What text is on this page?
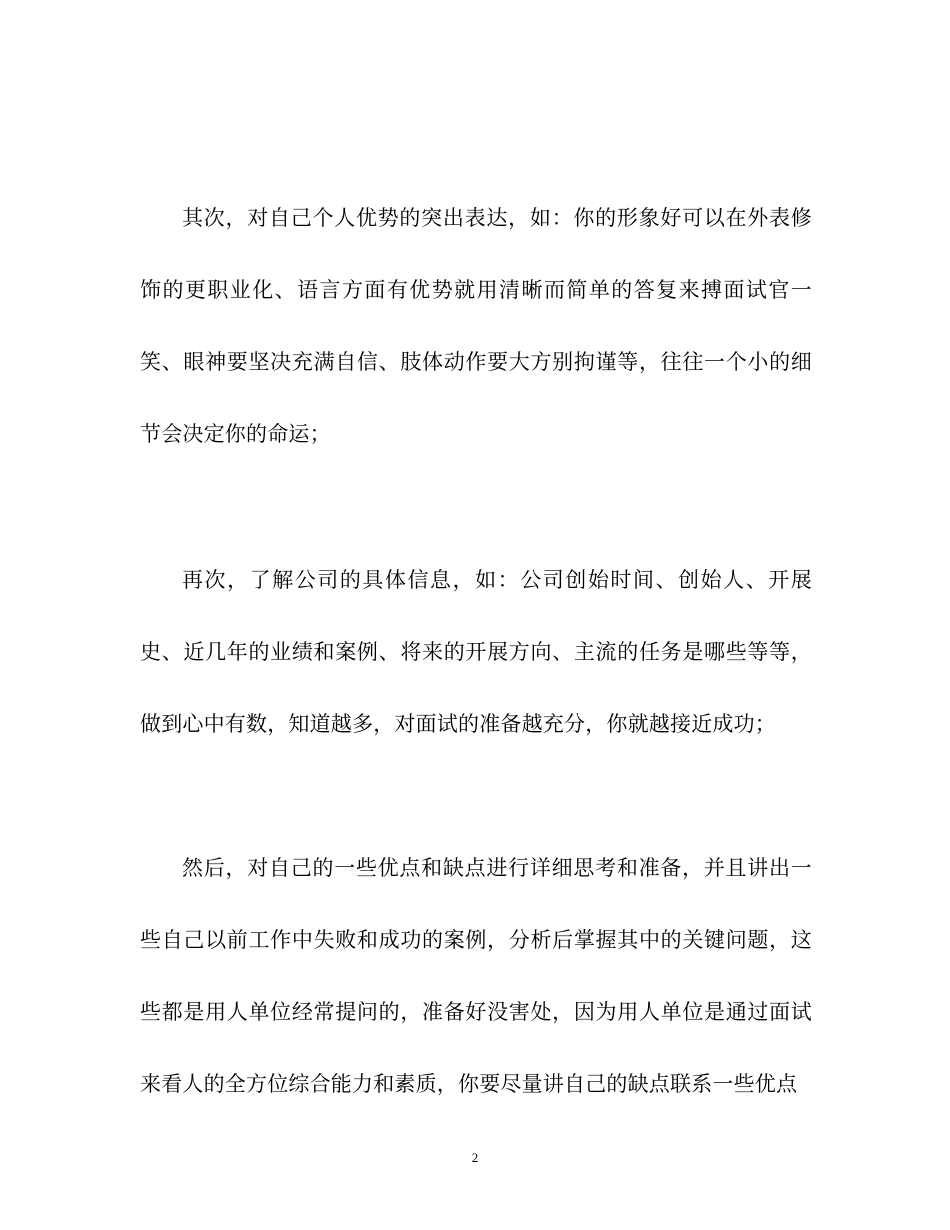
其次，对自己个人优势的突出表达，如：你的形象好可以在外表修饰的更职业化、语言方面有优势就用清晰而简单的答复来搏面试官一笑、眼神要坚决充满自信、肢体动作要大方别拘谨等，往往一个小的细节会决定你的命运；

再次，了解公司的具体信息，如：公司创始时间、创始人、开展史、近几年的业绩和案例、将来的开展方向、主流的任务是哪些等等，做到心中有数，知道越多，对面试的准备越充分，你就越接近成功；

然后，对自己的一些优点和缺点进行详细思考和准备，并且讲出一些自己以前工作中失败和成功的案例，分析后掌握其中的关键问题，这些都是用人单位经常提问的，准备好没害处，因为用人单位是通过面试来看人的全方位综合能力和素质，你要尽量讲自己的缺点联系一些优点

2
